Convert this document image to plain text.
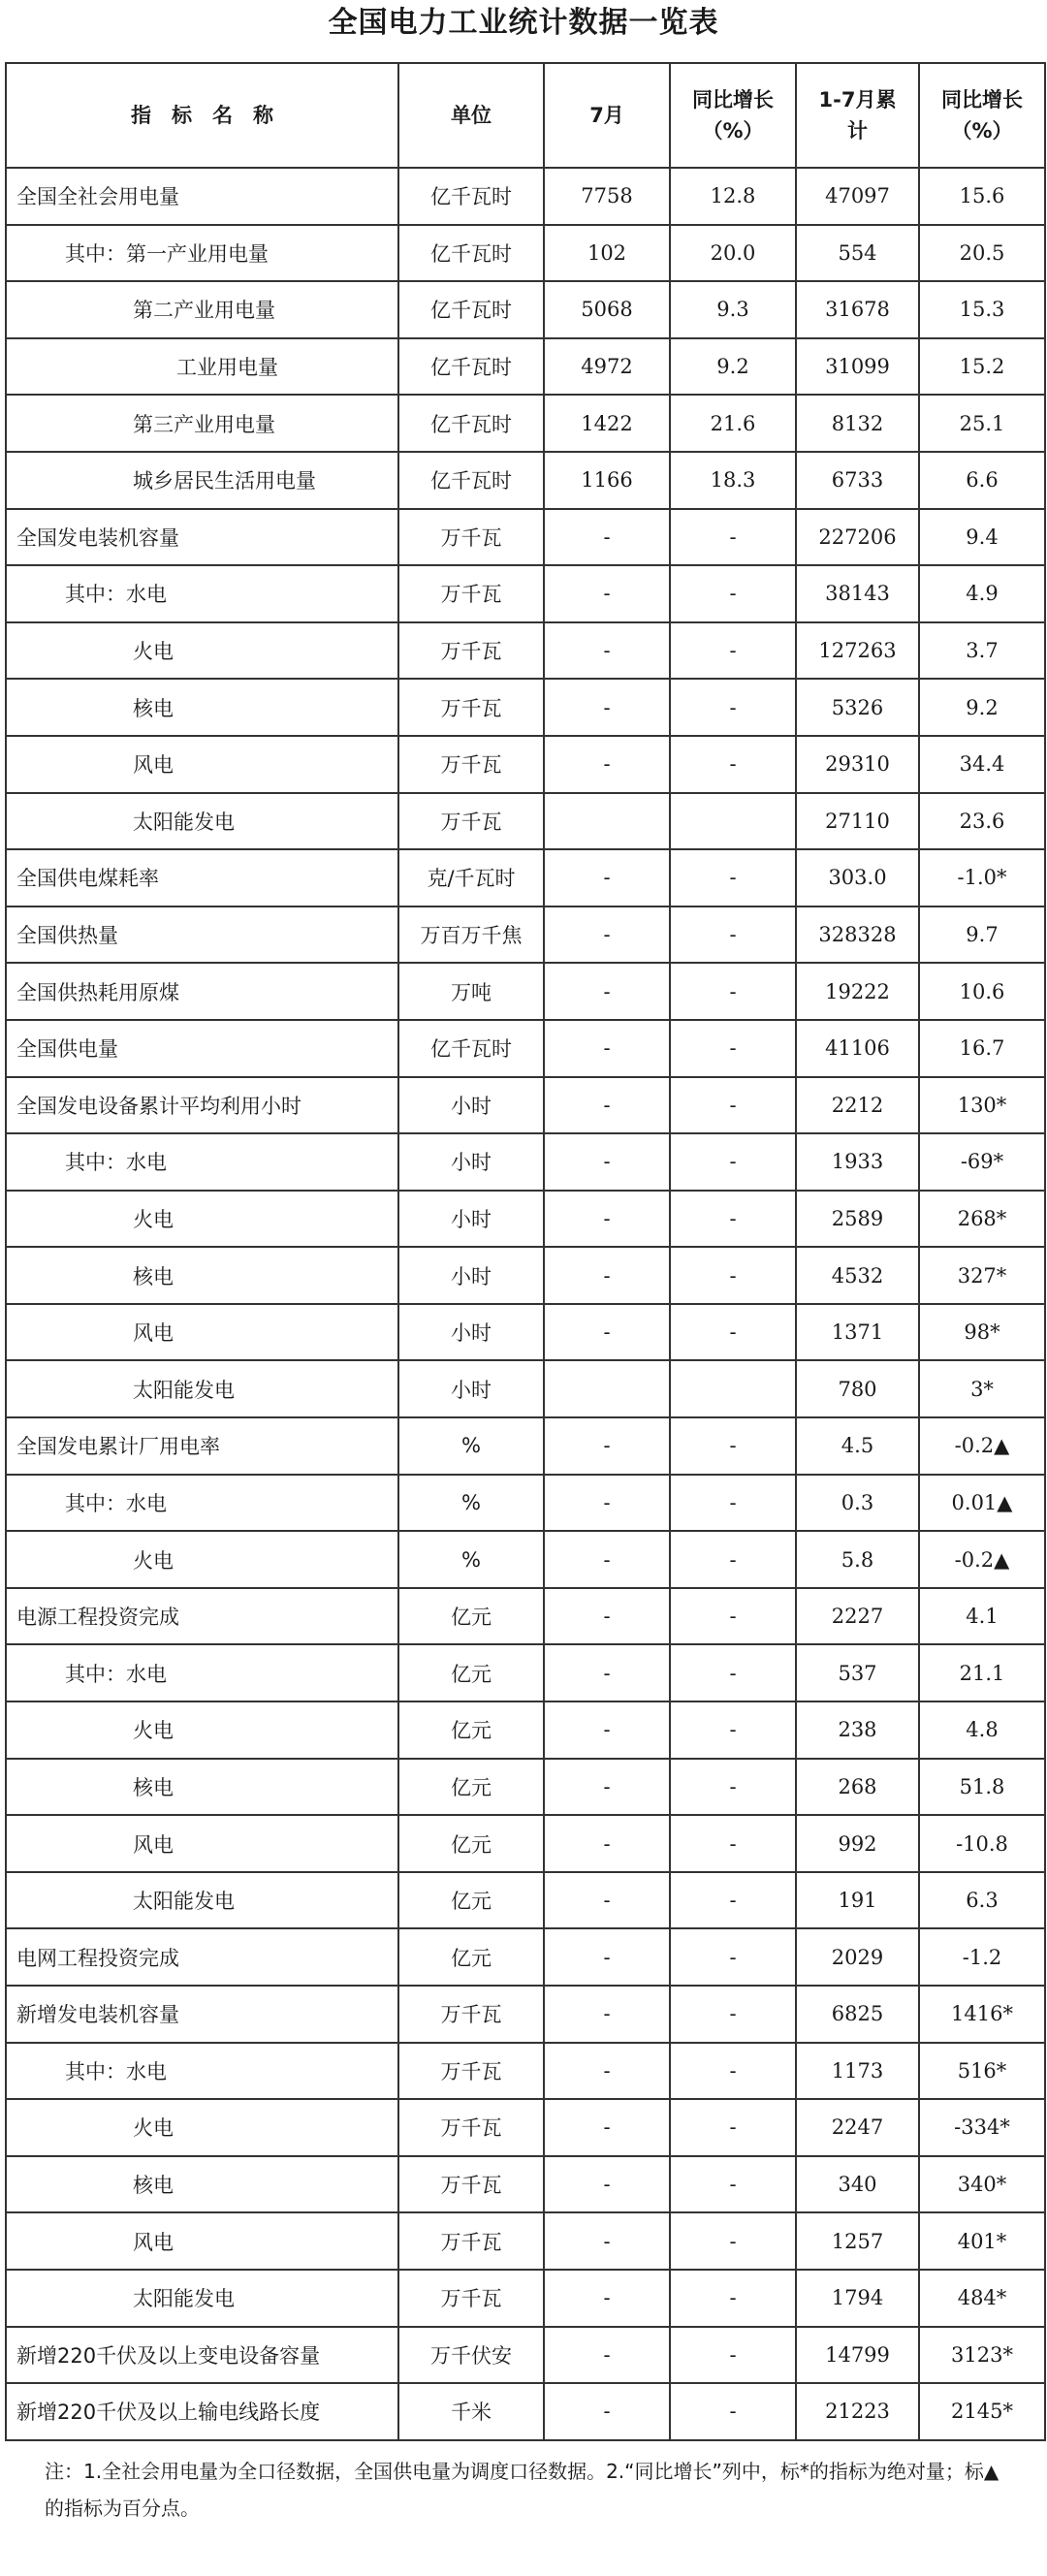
全国电力工业统计数据一览表
指　标　名　称	单位	7月	同比增长（%）	1-7月累计	同比增长（%）
全国全社会用电量	亿千瓦时	7758	12.8	47097	15.6
其中：第一产业用电量	亿千瓦时	102	20.0	554	20.5
第二产业用电量	亿千瓦时	5068	9.3	31678	15.3
工业用电量	亿千瓦时	4972	9.2	31099	15.2
第三产业用电量	亿千瓦时	1422	21.6	8132	25.1
城乡居民生活用电量	亿千瓦时	1166	18.3	6733	6.6
全国发电装机容量	万千瓦	-	-	227206	9.4
其中：水电	万千瓦	-	-	38143	4.9
火电	万千瓦	-	-	127263	3.7
核电	万千瓦	-	-	5326	9.2
风电	万千瓦	-	-	29310	34.4
太阳能发电	万千瓦			27110	23.6
全国供电煤耗率	克/千瓦时	-	-	303.0	-1.0*
全国供热量	万百万千焦	-	-	328328	9.7
全国供热耗用原煤	万吨	-	-	19222	10.6
全国供电量	亿千瓦时	-	-	41106	16.7
全国发电设备累计平均利用小时	小时	-	-	2212	130*
其中：水电	小时	-	-	1933	-69*
火电	小时	-	-	2589	268*
核电	小时	-	-	4532	327*
风电	小时	-	-	1371	98*
太阳能发电	小时			780	3*
全国发电累计厂用电率	%	-	-	4.5	-0.2▲
其中：水电	%	-	-	0.3	0.01▲
火电	%	-	-	5.8	-0.2▲
电源工程投资完成	亿元	-	-	2227	4.1
其中：水电	亿元	-	-	537	21.1
火电	亿元	-	-	238	4.8
核电	亿元	-	-	268	51.8
风电	亿元	-	-	992	-10.8
太阳能发电	亿元	-	-	191	6.3
电网工程投资完成	亿元	-	-	2029	-1.2
新增发电装机容量	万千瓦	-	-	6825	1416*
其中：水电	万千瓦	-	-	1173	516*
火电	万千瓦	-	-	2247	-334*
核电	万千瓦	-	-	340	340*
风电	万千瓦	-	-	1257	401*
太阳能发电	万千瓦	-	-	1794	484*
新增220千伏及以上变电设备容量	万千伏安	-	-	14799	3123*
新增220千伏及以上输电线路长度	千米	-	-	21223	2145*
注：1.全社会用电量为全口径数据，全国供电量为调度口径数据。2.“同比增长”列中，标*的指标为绝对量；标▲的指标为百分点。
